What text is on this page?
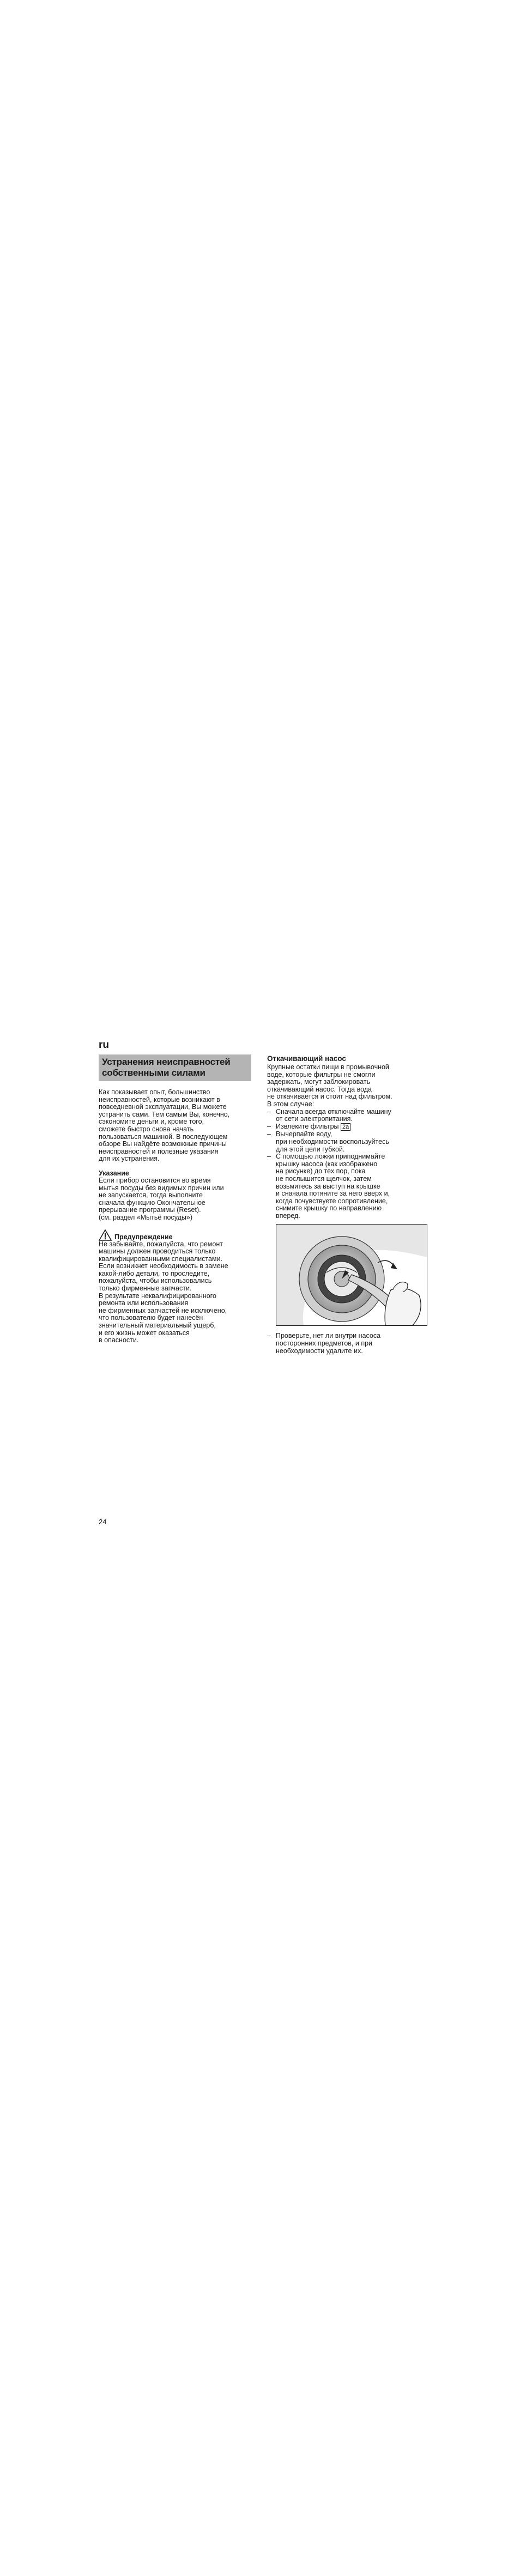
ru
Устранения неисправностей
собственными силами

Как показывает опыт, большинство
неисправностей, которые возникают в
повседневной эксплуатации, Вы можете
устранить сами. Тем самым Вы, конечно,
сэкономите деньги и, кроме того,
сможете быстро снова начать
пользоваться машиной. В последующем
обзоре Вы найдёте возможные причины
неисправностей и полезные указания
для их устранения.

Указание

Если прибор остановится во время
мытья посуды без видимых причин или
не запускается, тогда выполните
сначала функцию Окончательное
прерывание программы (Reset).
(см. раздел «Мытьё посуды»)

Предупреждение

Не забывайте, пожалуйста, что ремонт
машины должен проводиться только
квалифицированными специалистами.
Если возникнет необходимость в замене
какой-либо детали, то проследите,
пожалуйста, чтобы использовались
только фирменные запчасти.
В результате неквалифицированного
ремонта или использования
не фирменных запчастей не исключено,
что пользователю будет нанесён
значительный материальный ущерб,
и его жизнь может оказаться
в опасности.

Откачивающий насос

Крупные остатки пищи в промывочной
воде, которые фильтры не смогли
задержать, могут заблокировать
откачивающий насос. Тогда вода
не откачивается и стоит над фильтром.
В этом случае:

– Сначала всегда отключайте машину
от сети электропитания.
– Извлеките фильтры 2a
– Вычерпайте воду,
при необходимости воспользуйтесь
для этой цели губкой.
– С помощью ложки приподнимайте
крышку насоса (как изображено
на рисунке) до тех пор, пока
не послышится щелчок, затем
возьмитесь за выступ на крышке
и сначала потяните за него вверх и,
когда почувствуете сопротивление,
снимите крышку по направлению
вперед.
– Проверьте, нет ли внутри насоса
посторонних предметов, и при
необходимости удалите их.
24
